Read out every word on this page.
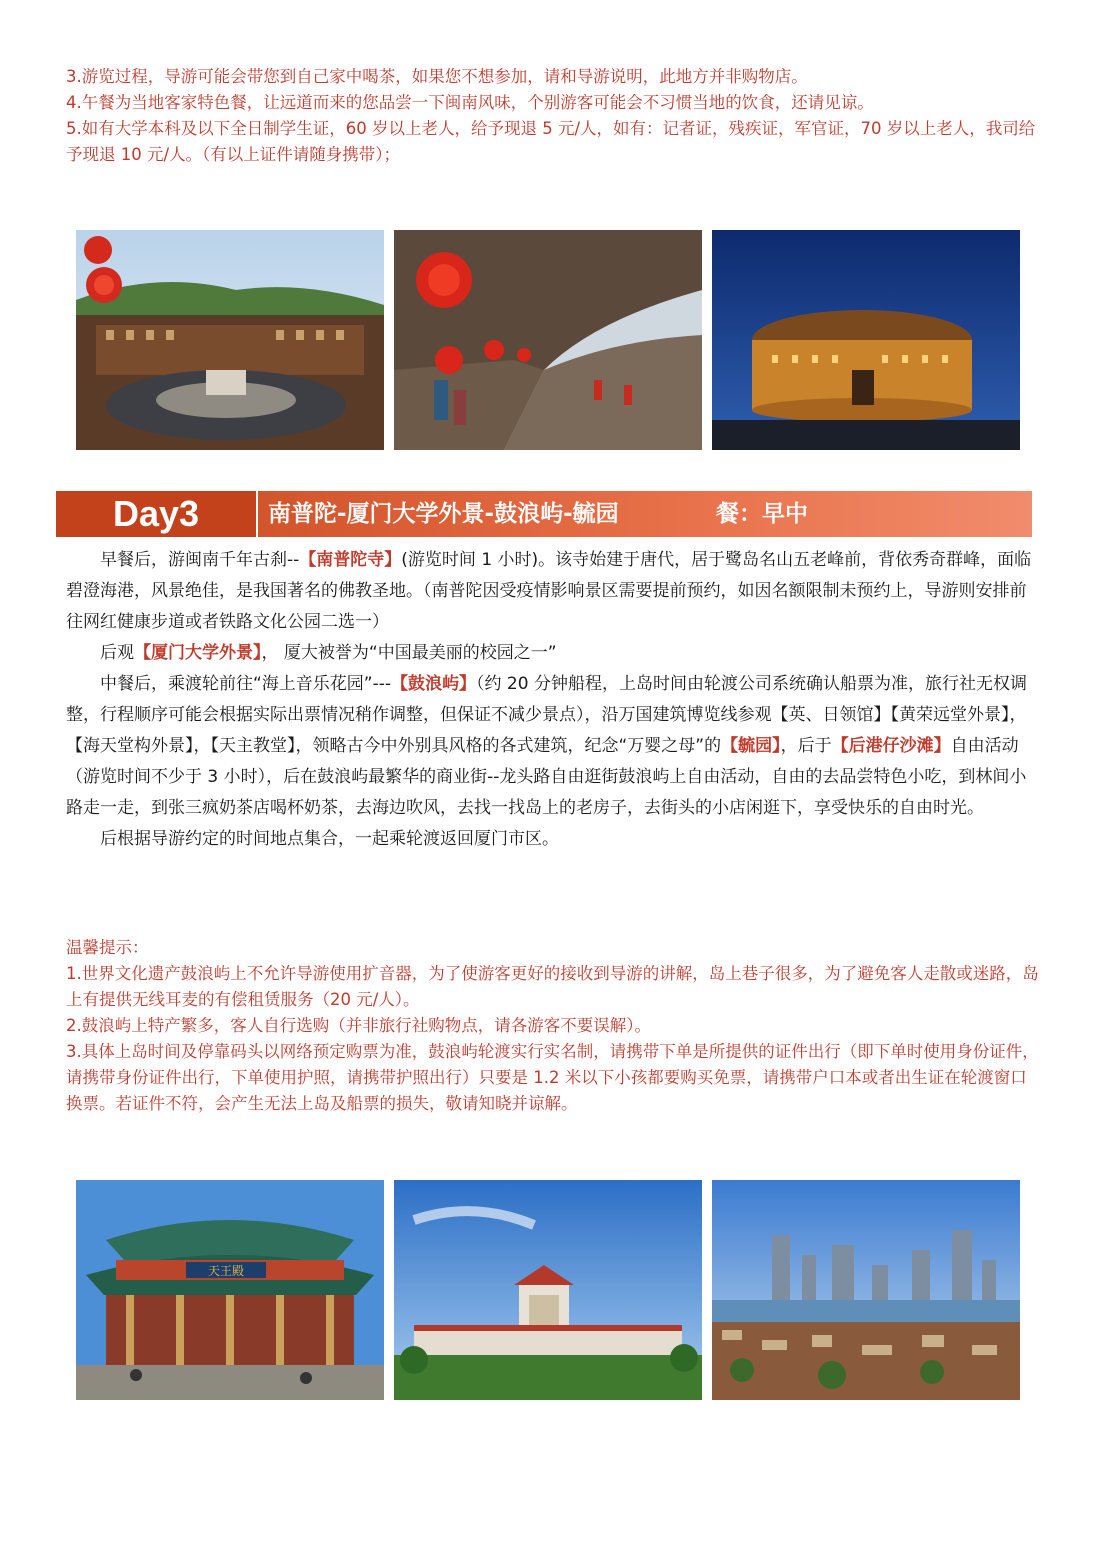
3.游览过程，导游可能会带您到自己家中喝茶，如果您不想参加，请和导游说明，此地方并非购物店。

4.午餐为当地客家特色餐，让远道而来的您品尝一下闽南风味，个别游客可能会不习惯当地的饮食，还请见谅。

5.如有大学本科及以下全日制学生证，60 岁以上老人，给予现退 5 元/人，如有：记者证，残疾证，军官证，70 岁以上老人，我司给予现退 10 元/人。（有以上证件请随身携带）；

Day3	南普陀-厦门大学外景-鼓浪屿-毓园	餐：早中

早餐后，游闽南千年古刹--【南普陀寺】(游览时间 1 小时)。该寺始建于唐代，居于鹭岛名山五老峰前，背依秀奇群峰，面临碧澄海港，风景绝佳，是我国著名的佛教圣地。（南普陀因受疫情影响景区需要提前预约，如因名额限制未预约上，导游则安排前往网红健康步道或者铁路文化公园二选一）

后观【厦门大学外景】， 厦大被誉为“中国最美丽的校园之一”

中餐后，乘渡轮前往“海上音乐花园”---【鼓浪屿】（约 20 分钟船程，上岛时间由轮渡公司系统确认船票为准，旅行社无权调整，行程顺序可能会根据实际出票情况稍作调整，但保证不减少景点），沿万国建筑博览线参观【英、日领馆】【黄荣远堂外景】，【海天堂构外景】，【天主教堂】，领略古今中外别具风格的各式建筑，纪念“万婴之母”的【毓园】，后于【后港仔沙滩】自由活动（游览时间不少于 3 小时），后在鼓浪屿最繁华的商业街--龙头路自由逛街鼓浪屿上自由活动，自由的去品尝特色小吃，到林间小路走一走，到张三疯奶茶店喝杯奶茶，去海边吹风，去找一找岛上的老房子，去街头的小店闲逛下，享受快乐的自由时光。

后根据导游约定的时间地点集合，一起乘轮渡返回厦门市区。

温馨提示：

1.世界文化遗产鼓浪屿上不允许导游使用扩音器，为了使游客更好的接收到导游的讲解，岛上巷子很多，为了避免客人走散或迷路，岛上有提供无线耳麦的有偿租赁服务（20 元/人）。

2.鼓浪屿上特产繁多，客人自行选购（并非旅行社购物点，请各游客不要误解）。

3.具体上岛时间及停靠码头以网络预定购票为准，鼓浪屿轮渡实行实名制，请携带下单是所提供的证件出行（即下单时使用身份证件，请携带身份证件出行，下单使用护照，请携带护照出行）只要是 1.2 米以下小孩都要购买免票，请携带户口本或者出生证在轮渡窗口换票。若证件不符，会产生无法上岛及船票的损失，敬请知晓并谅解。

天王殿
